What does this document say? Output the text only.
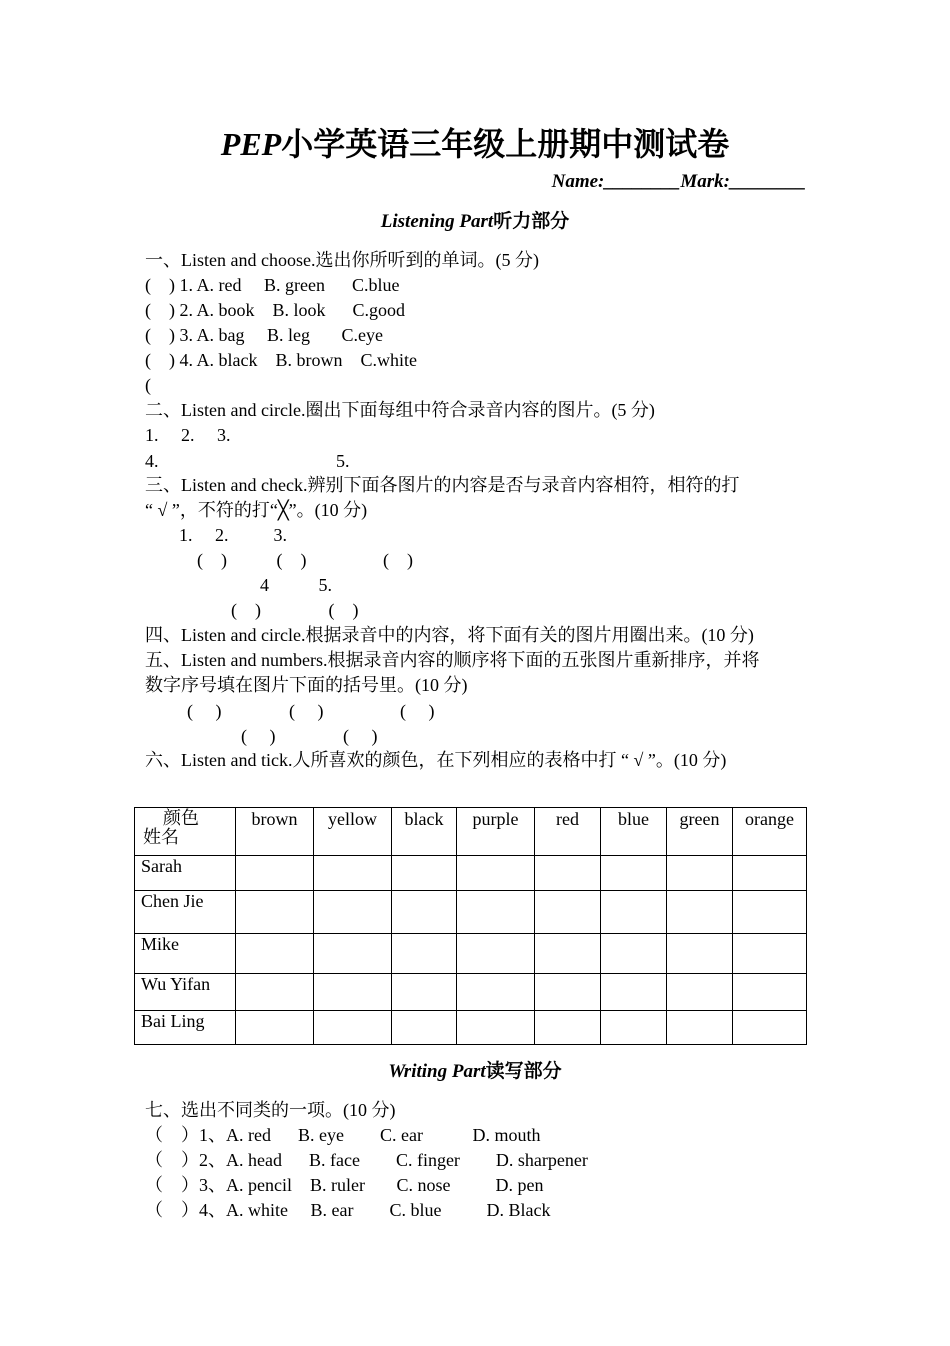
PEP小学英语三年级上册期中测试卷
Name:________Mark:________
Listening Part听力部分
一、Listen and choose.选出你所听到的单词。(5 分)
(    ) 1. A. red     B. green      C.blue
(    ) 2. A. book    B. look      C.good
(    ) 3. A. bag     B. leg       C.eye
(    ) 4. A. black    B. brown    C.white
(
二、Listen and circle.圈出下面每组中符合录音内容的图片。(5 分)
1.     2.     3.
4.	5.
三、Listen and check.辨别下面各图片的内容是否与录音内容相符，相符的打
“ √ ”，不符的打“╳”。(10 分)
1.     2.          3.
(    )           (    )                 (    )
4           5.
(    )               (    )
四、Listen and circle.根据录音中的内容，将下面有关的图片用圈出来。(10 分)
五、Listen and numbers.根据录音内容的顺序将下面的五张图片重新排序，并将
数字序号填在图片下面的括号里。(10 分)
(     )               (     )                 (     )
(     )               (     )
六、Listen and tick.人所喜欢的颜色，在下列相应的表格中打 “ √ ”。(10 分)
颜色
姓名	brown	yellow	black	purple	red	blue	green	orange
Sarah								
Chen Jie								
Mike								
Wu Yifan								
Bai Ling								
Writing Part读写部分
七、选出不同类的一项。(10 分)
（    ）1、A. red      B. eye        C. ear           D. mouth
（    ）2、A. head      B. face        C. finger        D. sharpener
（    ）3、A. pencil    B. ruler       C. nose          D. pen
（    ）4、A. white     B. ear        C. blue          D. Black
